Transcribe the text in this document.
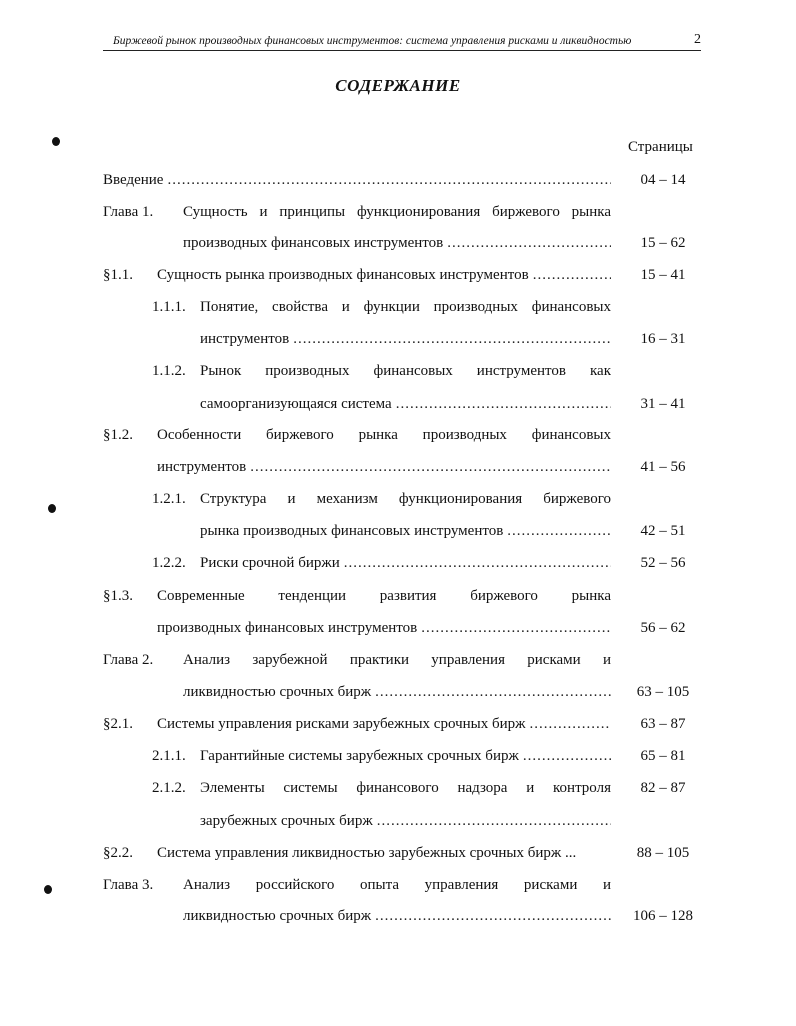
Биржевой рынок производных финансовых инструментов: система управления рисками и ликвидностью	2
СОДЕРЖАНИЕ
Страницы
Введение .....	04 – 14
Глава 1. Сущность и принципы функционирования биржевого рынка
производных финансовых инструментов .....	15 – 62
§1.1. Сущность рынка производных финансовых инструментов .....	15 – 41
1.1.1. Понятие, свойства и функции производных финансовых
инструментов .....	16 – 31
1.1.2. Рынок производных финансовых инструментов как
самоорганизующаяся система .....	31 – 41
§1.2. Особенности биржевого рынка производных финансовых
инструментов .....	41 – 56
1.2.1. Структура и механизм функционирования биржевого
рынка производных финансовых инструментов .....	42 – 51
1.2.2. Риски срочной биржи .....	52 – 56
§1.3. Современные тенденции развития биржевого рынка
производных финансовых инструментов .....	56 – 62
Глава 2. Анализ зарубежной практики управления рисками и
ликвидностью срочных бирж .....	63 – 105
§2.1. Системы управления рисками зарубежных срочных бирж .....	63 – 87
2.1.1. Гарантийные системы зарубежных срочных бирж .....	65 – 81
2.1.2. Элементы системы финансового надзора и контроля	82 – 87
зарубежных срочных бирж
.....
§2.2. Система управления ликвидностью зарубежных срочных бирж ...	88 – 105
Глава 3. Анализ российского опыта управления рисками и
ликвидностью срочных бирж .....	106 – 128
